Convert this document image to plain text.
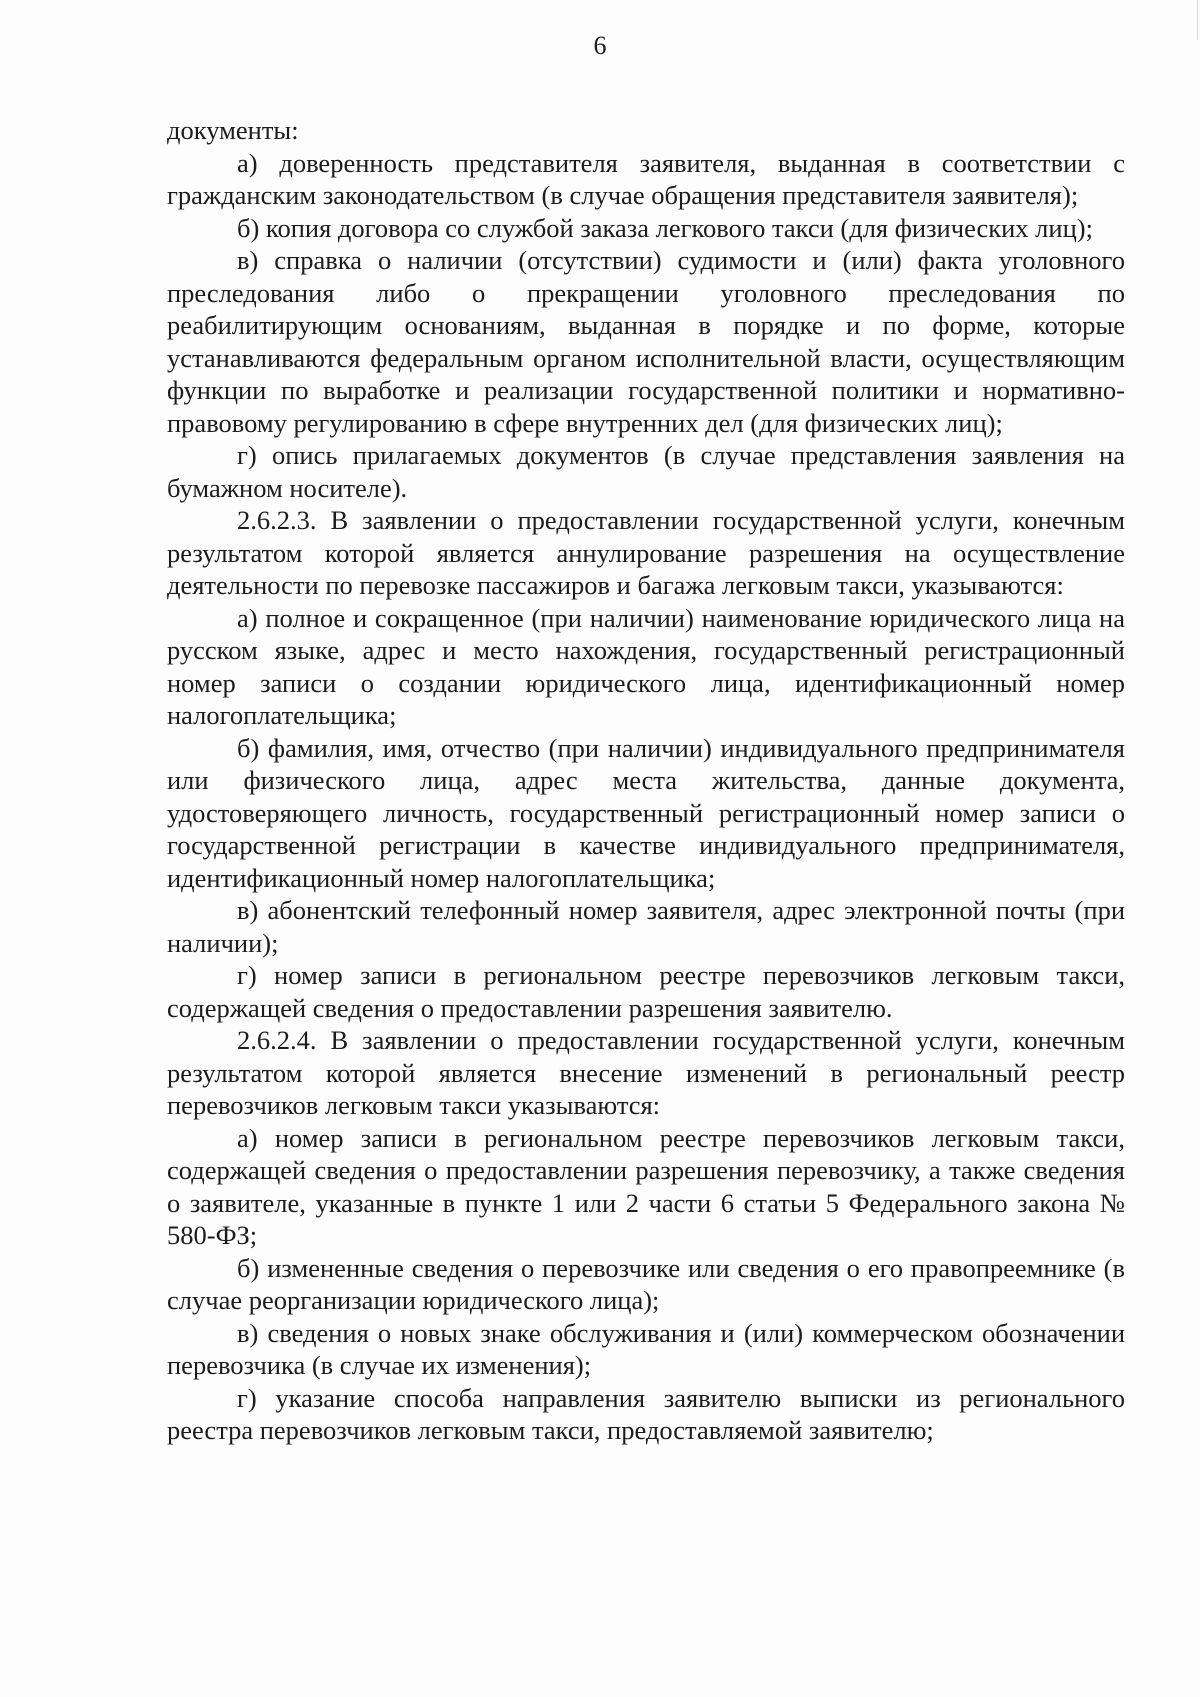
6

документы:

а) доверенность представителя заявителя, выданная в соответствии с гражданским законодательством (в случае обращения представителя заявителя);

б) копия договора со службой заказа легкового такси (для физических лиц);

в) справка о наличии (отсутствии) судимости и (или) факта уголовного преследования либо о прекращении уголовного преследования по реабилитирующим основаниям, выданная в порядке и по форме, которые устанавливаются федеральным органом исполнительной власти, осуществляющим функции по выработке и реализации государственной политики и нормативно-правовому регулированию в сфере внутренних дел (для физических лиц);

г) опись прилагаемых документов (в случае представления заявления на бумажном носителе).

2.6.2.3. В заявлении о предоставлении государственной услуги, конечным результатом которой является аннулирование разрешения на осуществление деятельности по перевозке пассажиров и багажа легковым такси, указываются:

а) полное и сокращенное (при наличии) наименование юридического лица на русском языке, адрес и место нахождения, государственный регистрационный номер записи о создании юридического лица, идентификационный номер налогоплательщика;

б) фамилия, имя, отчество (при наличии) индивидуального предпринимателя или физического лица, адрес места жительства, данные документа, удостоверяющего личность, государственный регистрационный номер записи о государственной регистрации в качестве индивидуального предпринимателя, идентификационный номер налогоплательщика;

в) абонентский телефонный номер заявителя, адрес электронной почты (при наличии);

г) номер записи в региональном реестре перевозчиков легковым такси, содержащей сведения о предоставлении разрешения заявителю.

2.6.2.4. В заявлении о предоставлении государственной услуги, конечным результатом которой является внесение изменений в региональный реестр перевозчиков легковым такси указываются:

а) номер записи в региональном реестре перевозчиков легковым такси, содержащей сведения о предоставлении разрешения перевозчику, а также сведения о заявителе, указанные в пункте 1 или 2 части 6 статьи 5 Федерального закона № 580-ФЗ;

б) измененные сведения о перевозчике или сведения о его правопреемнике (в случае реорганизации юридического лица);

в) сведения о новых знаке обслуживания и (или) коммерческом обозначении перевозчика (в случае их изменения);

г) указание способа направления заявителю выписки из регионального реестра перевозчиков легковым такси, предоставляемой заявителю;
